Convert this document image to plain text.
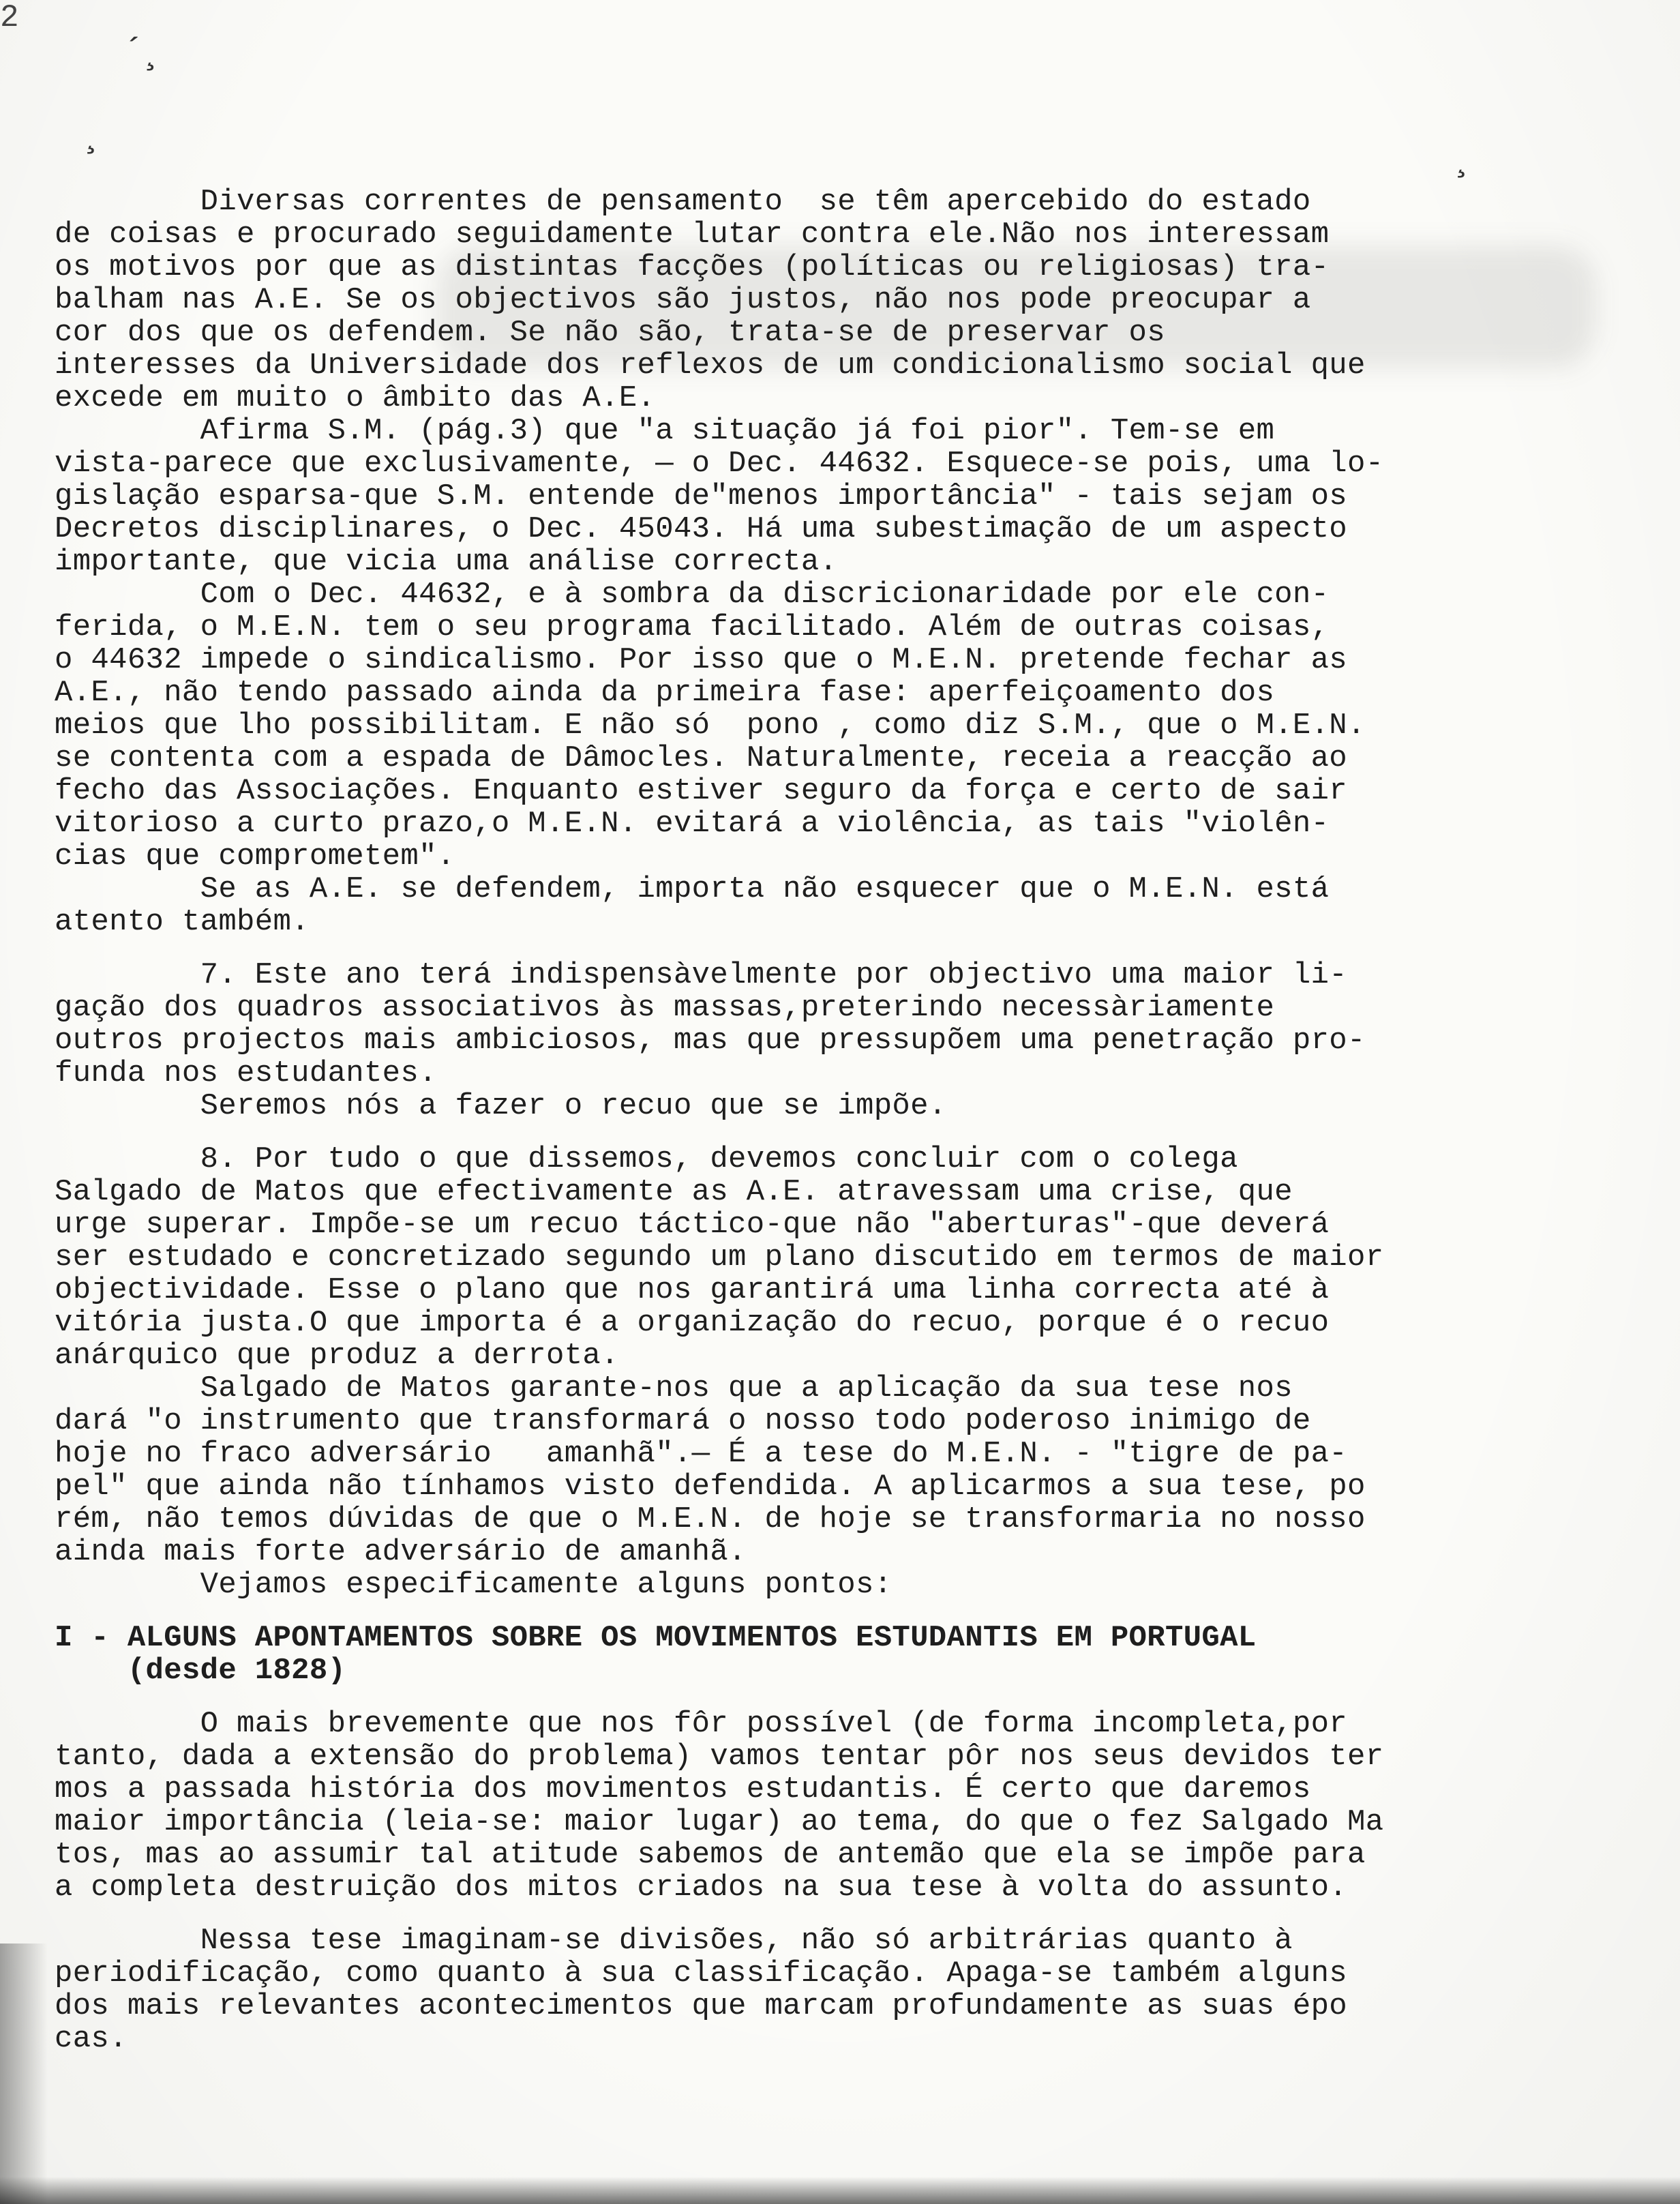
2
´¸
¸
¸
Diversas correntes de pensamento  se têm apercebido do estado
de coisas e procurado seguidamente lutar contra ele.Não nos interessam
os motivos por que as distintas facções (políticas ou religiosas) tra-
balham nas A.E. Se os objectivos são justos, não nos pode preocupar a
cor dos que os defendem. Se não são, trata-se de preservar os
interesses da Universidade dos reflexos de um condicionalismo social que
excede em muito o âmbito das A.E.
Afirma S.M. (pág.3) que "a situação já foi pior". Tem-se em
vista-parece que exclusivamente, — o Dec. 44632. Esquece-se pois, uma lo-
gislação esparsa-que S.M. entende de"menos importância" - tais sejam os
Decretos disciplinares, o Dec. 45043. Há uma subestimação de um aspecto
importante, que vicia uma análise correcta.
Com o Dec. 44632, e à sombra da discricionaridade por ele con-
ferida, o M.E.N. tem o seu programa facilitado. Além de outras coisas,
o 44632 impede o sindicalismo. Por isso que o M.E.N. pretende fechar as
A.E., não tendo passado ainda da primeira fase: aperfeiçoamento dos
meios que lho possibilitam. E não só  pono , como diz S.M., que o M.E.N.
se contenta com a espada de Dâmocles. Naturalmente, receia a reacção ao
fecho das Associações. Enquanto estiver seguro da força e certo de sair
vitorioso a curto prazo,o M.E.N. evitará a violência, as tais "violên-
cias que comprometem".
Se as A.E. se defendem, importa não esquecer que o M.E.N. está
atento também.
7. Este ano terá indispensàvelmente por objectivo uma maior li-
gação dos quadros associativos às massas,preterindo necessàriamente
outros projectos mais ambiciosos, mas que pressupõem uma penetração pro-
funda nos estudantes.
Seremos nós a fazer o recuo que se impõe.
8. Por tudo o que dissemos, devemos concluir com o colega
Salgado de Matos que efectivamente as A.E. atravessam uma crise, que
urge superar. Impõe-se um recuo táctico-que não "aberturas"-que deverá
ser estudado e concretizado segundo um plano discutido em termos de maior
objectividade. Esse o plano que nos garantirá uma linha correcta até à
vitória justa.O que importa é a organização do recuo, porque é o recuo
anárquico que produz a derrota.
Salgado de Matos garante-nos que a aplicação da sua tese nos
dará "o instrumento que transformará o nosso todo poderoso inimigo de
hoje no fraco adversário   amanhã".— É a tese do M.E.N. - "tigre de pa-
pel" que ainda não tínhamos visto defendida. A aplicarmos a sua tese, po
rém, não temos dúvidas de que o M.E.N. de hoje se transformaria no nosso
ainda mais forte adversário de amanhã.
Vejamos especificamente alguns pontos:
I - ALGUNS APONTAMENTOS SOBRE OS MOVIMENTOS ESTUDANTIS EM PORTUGAL
(desde 1828)
O mais brevemente que nos fôr possível (de forma incompleta,por
tanto, dada a extensão do problema) vamos tentar pôr nos seus devidos ter
mos a passada história dos movimentos estudantis. É certo que daremos
maior importância (leia-se: maior lugar) ao tema, do que o fez Salgado Ma
tos, mas ao assumir tal atitude sabemos de antemão que ela se impõe para
a completa destruição dos mitos criados na sua tese à volta do assunto.
Nessa tese imaginam-se divisões, não só arbitrárias quanto à
periodificação, como quanto à sua classificação. Apaga-se também alguns
dos mais relevantes acontecimentos que marcam profundamente as suas épo
cas.
